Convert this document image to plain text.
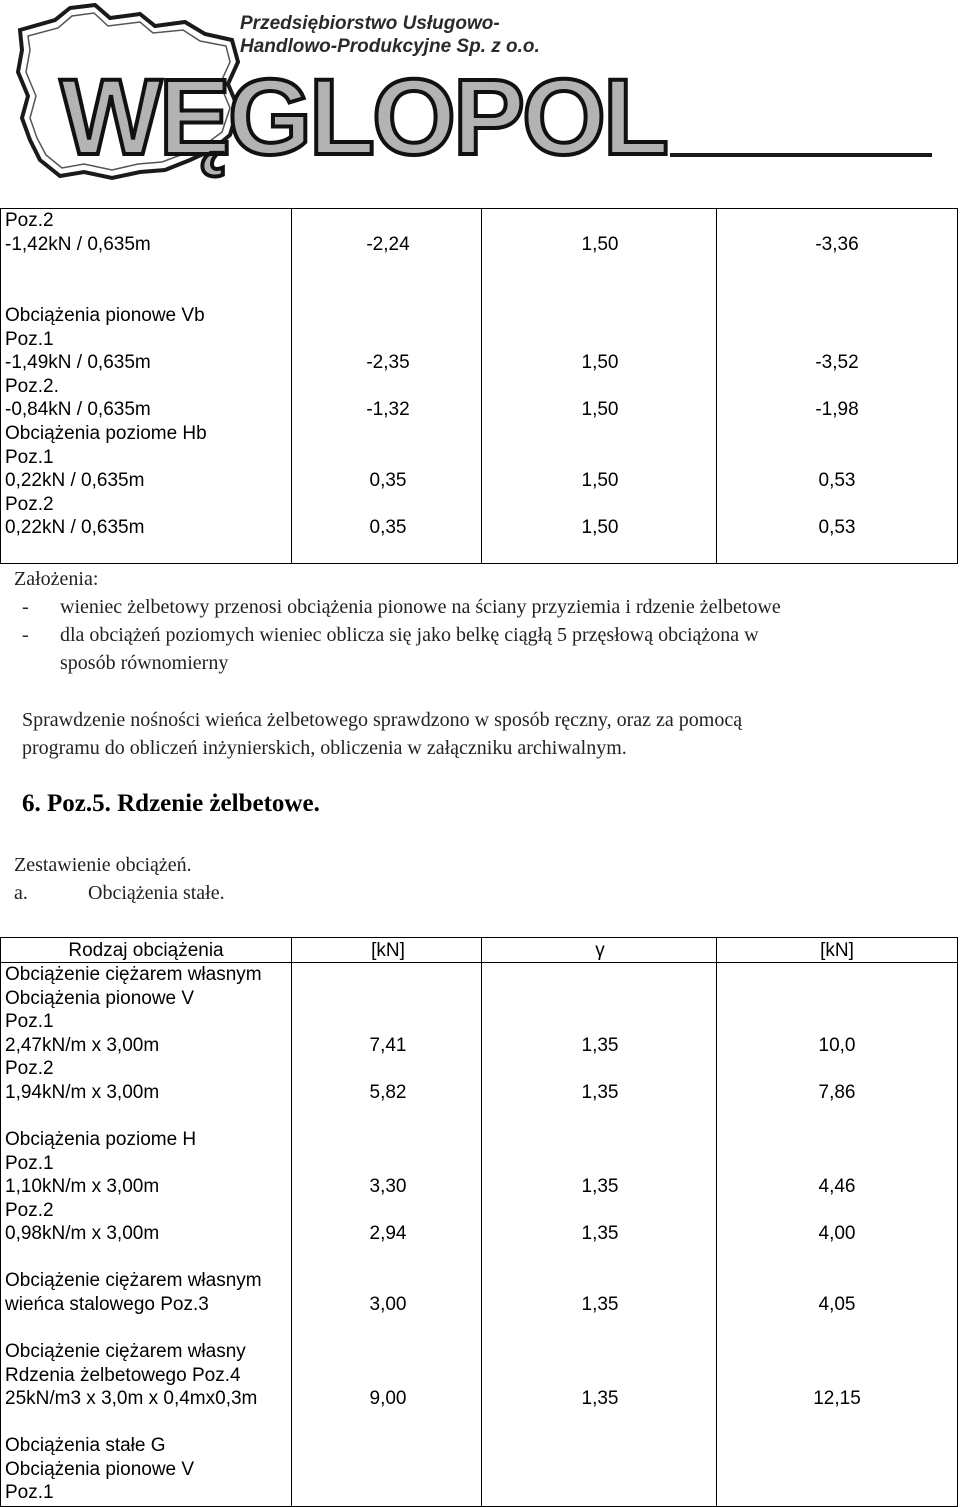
WĘGLOPOL
Przedsiębiorstwo Usługowo-
Handlowo-Produkcyjne Sp. z o.o.
Poz.2
-1,42kN / 0,635m	-2,24	1,50	-3,36
Obciążenia pionowe Vb
Poz.1
-1,49kN / 0,635m	-2,35	1,50	-3,52
Poz.2.
-0,84kN / 0,635m	-1,32	1,50	-1,98
Obciążenia poziome Hb
Poz.1
0,22kN / 0,635m	0,35	1,50	0,53
Poz.2
0,22kN / 0,635m	0,35	1,50	0,53
Założenia:
- wieniec żelbetowy przenosi obciążenia pionowe na ściany przyziemia i rdzenie żelbetowe
- dla obciążeń poziomych wieniec oblicza się jako belkę ciągłą 5 przęsłową obciążona w
sposób równomierny
Sprawdzenie nośności wieńca żelbetowego sprawdzono w sposób ręczny, oraz za pomocą
programu do obliczeń inżynierskich, obliczenia w załączniku archiwalnym.
6. Poz.5. Rdzenie żelbetowe.
Zestawienie obciążeń.
a.	Obciążenia stałe.
Rodzaj obciążenia	[kN]	γ	[kN]
Obciążenie ciężarem własnym
Obciążenia pionowe V
Poz.1
2,47kN/m x 3,00m	7,41	1,35	10,0
Poz.2
1,94kN/m x 3,00m	5,82	1,35	7,86
Obciążenia poziome H
Poz.1
1,10kN/m x 3,00m	3,30	1,35	4,46
Poz.2
0,98kN/m x 3,00m	2,94	1,35	4,00
Obciążenie ciężarem własnym
wieńca stalowego Poz.3	3,00	1,35	4,05
Obciążenie ciężarem własny
Rdzenia żelbetowego Poz.4
25kN/m3 x 3,0m x 0,4mx0,3m	9,00	1,35	12,15
Obciążenia stałe G
Obciążenia pionowe V
Poz.1
